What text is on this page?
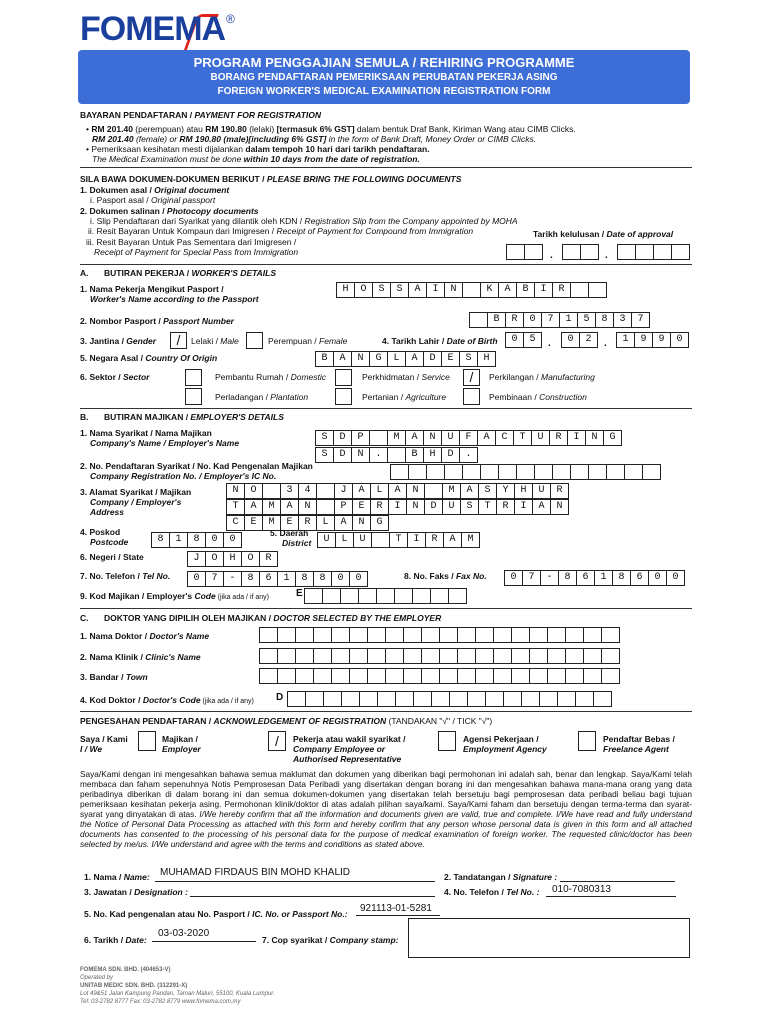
FOMEMA ®
PROGRAM PENGGAJIAN SEMULA / REHIRING PROGRAMME
BORANG PENDAFTARAN PEMERIKSAAN PERUBATAN PEKERJA ASING
FOREIGN WORKER'S MEDICAL EXAMINATION REGISTRATION FORM
BAYARAN PENDAFTARAN / PAYMENT FOR REGISTRATION
• RM 201.40 (perempuan) atau RM 190.80 (lelaki) [termasuk 6% GST] dalam bentuk Draf Bank, Kiriman Wang atau CIMB Clicks.
RM 201.40 (female) or RM 190.80 (male)[including 6% GST] in the form of Bank Draft, Money Order or CIMB Clicks.
• Pemeriksaan kesihatan mesti dijalankan dalam tempoh 10 hari dari tarikh pendaftaran.
The Medical Examination must be done within 10 days from the date of registration.
SILA BAWA DOKUMEN-DOKUMEN BERIKUT / PLEASE BRING THE FOLLOWING DOCUMENTS
1. Dokumen asal / Original document
i. Pasport asal / Original passport
2. Dokumen salinan / Photocopy documents
i. Slip Pendaftaran dari Syarikat yang dilantik oleh KDN / Registration Slip from the Company appointed by MOHA
ii. Resit Bayaran Untuk Kompaun dari Imigresen / Receipt of Payment for Compound from Immigration
iii. Resit Bayaran Untuk Pas Sementara dari Imigresen /
Receipt of Payment for Special Pass from Immigration
Tarikh kelulusan / Date of approval
.	.
A. BUTIRAN PEKERJA / WORKER'S DETAILS
1. Nama Pekerja Mengikut Pasport /
Worker's Name according to the Passport
H	O	S	S	A	I	N	K	A	B	I	R
2. Nombor Pasport / Passport Number	B	R	0	7	1	5	8	3	7
3. Jantina / Gender	/	Lelaki / Male	Perempuan / Female	4. Tarikh Lahir / Date of Birth	0	5	.	0	2	.	1	9	9	0
5. Negara Asal / Country Of Origin	B	A	N	G	L	A	D	E	S	H
6. Sektor / Sector	Pembantu Rumah / Domestic	Perkhidmatan / Service	/	Perkilangan / Manufacturing
Perladangan / Plantation	Pertanian / Agriculture	Pembinaan / Construction
B. BUTIRAN MAJIKAN / EMPLOYER'S DETAILS
1. Nama Syarikat / Nama Majikan
Company's Name / Employer's Name	S	D	P	M	A	N	U	F	A	C	T	U	R	I	N	G
S	D	N	.	B	H	D	.
2. No. Pendaftaran Syarikat / No. Kad Pengenalan Majikan
Company Registration No. / Employer's IC No.
3. Alamat Syarikat / Majikan
Company / Employer's
Address
N	O	3	4	J	A	L	A	N	M	A	S	Y	H	U	R
T	A	M	A	N	P	E	R	I	N	D	U	S	T	R	I	A	N
C	E	M	E	R	L	A	N	G
4. Poskod
Postcode	8	1	8	0	0
5. Daerah
District	U	L	U	T	I	R	A	M
6. Negeri / State	J	O	H	O	R
7. No. Telefon / Tel No.	0	7	-	8	6	1	8	8	0	0	8. No. Faks / Fax No.	0	7	-	8	6	1	8	6	0	0
9. Kod Majikan / Employer's Code (jika ada / if any)	E
C. DOKTOR YANG DIPILIH OLEH MAJIKAN / DOCTOR SELECTED BY THE EMPLOYER
1. Nama Doktor / Doctor's Name
2. Nama Klinik / Clinic's Name
3. Bandar / Town
4. Kod Doktor / Doctor's Code (jika ada / if any) D
PENGESAHAN PENDAFTARAN / ACKNOWLEDGEMENT OF REGISTRATION (TANDAKAN "√" / TICK "√")
Saya / Kami
I / We
Majikan /
Employer	/	Pekerja atau wakil syarikat /
Company Employee or
Authorised Representative
Agensi Pekerjaan /
Employment Agency
Pendaftar Bebas /
Freelance Agent
Saya/Kami dengan ini mengesahkan bahawa semua maklumat dan dokumen yang diberikan bagi permohonan ini adalah sah, benar dan lengkap. Saya/Kami telah membaca dan faham sepenuhnya Notis Pemprosesan Data Peribadi yang disertakan dengan borang ini dan mengesahkan bahawa mana-mana orang yang data peribadinya diberikan di dalam borang ini dan semua dokumen-dokumen yang disertakan telah bersetuju bagi pemprosesan data peribadi beliau bagi tujuan pemeriksaan kesihatan pekerja asing. Permohonan klinik/doktor di atas adalah pilihan saya/kami. Saya/Kami faham dan bersetuju dengan terma-terma dan syarat-syarat yang dinyatakan di atas. I/We hereby confirm that all the information and documents given are valid, true and complete. I/We have read and fully understand the Notice of Personal Data Processing as attached with this form and hereby confirm that any person whose personal data is given in this form and all attached documents has consented to the processing of his personal data for the purpose of medical examination of foreign worker. The requested clinic/doctor has been selected by me/us. I/We understand and agree with the terms and conditions as stated above.
1. Nama / Name: MUHAMAD FIRDAUS BIN MOHD KHALID	2. Tandatangan / Signature :
3. Jawatan / Designation :	4. No. Telefon / Tel No. : 010-7080313
5. No. Kad pengenalan atau No. Pasport / IC. No. or Passport No.: 921113-01-5281
6. Tarikh / Date:
03-03-2020
7. Cop syarikat / Company stamp:
FOMEMA SDN. BHD. (404653-V)
Operated by
UNITAB MEDIC SDN. BHD. (312291-X)
Lot 49&51 Jalan Kampung Pandan, Taman Maluri, 55100, Kuala Lumpur.
Tel: 03-2782 8777 Fax: 03-2782 8779 www.fomema.com.my
